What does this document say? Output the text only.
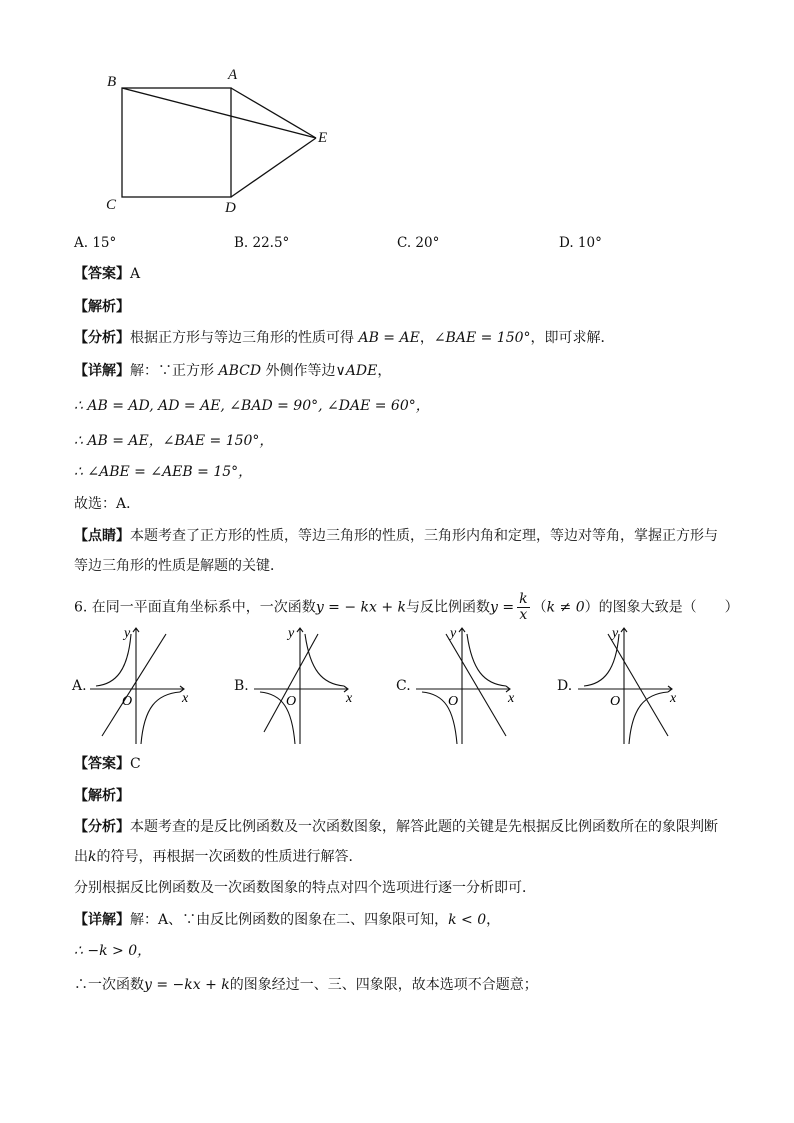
B	A
E
C	D
A. 15°	B. 22.5°	C. 20°	D. 10°
【答案】A
【解析】
【分析】根据正方形与等边三角形的性质可得 AB = AE，∠BAE = 150°，即可求解．
【详解】解：∵正方形 ABCD 外侧作等边∨ADE，
∴ AB = AD, AD = AE, ∠BAD = 90°, ∠DAE = 60°，
∴ AB = AE，∠BAE = 150°，
∴ ∠ABE = ∠AEB = 15°，
故选：A．
【点睛】本题考查了正方形的性质，等边三角形的性质，三角形内角和定理，等边对等角，掌握正方形与
等边三角形的性质是解题的关键．
6. 在同一平面直角坐标系中，一次函数y = − kx + k与反比例函数$y = \frac{k}{x} (k \ne 0)$的图象大致是（　　）
A.	B.	C.	D.
y
x
O
y
x
O
y
x
O
y
x
O
【答案】C
【解析】
【分析】本题考查的是反比例函数及一次函数图象，解答此题的关键是先根据反比例函数所在的象限判断
出k的符号，再根据一次函数的性质进行解答．
分别根据反比例函数及一次函数图象的特点对四个选项进行逐一分析即可．
【详解】解：A、∵由反比例函数的图象在二、四象限可知，k < 0，
∴ −k > 0，
∴一次函数y = −kx + k的图象经过一、三、四象限，故本选项不合题意；
